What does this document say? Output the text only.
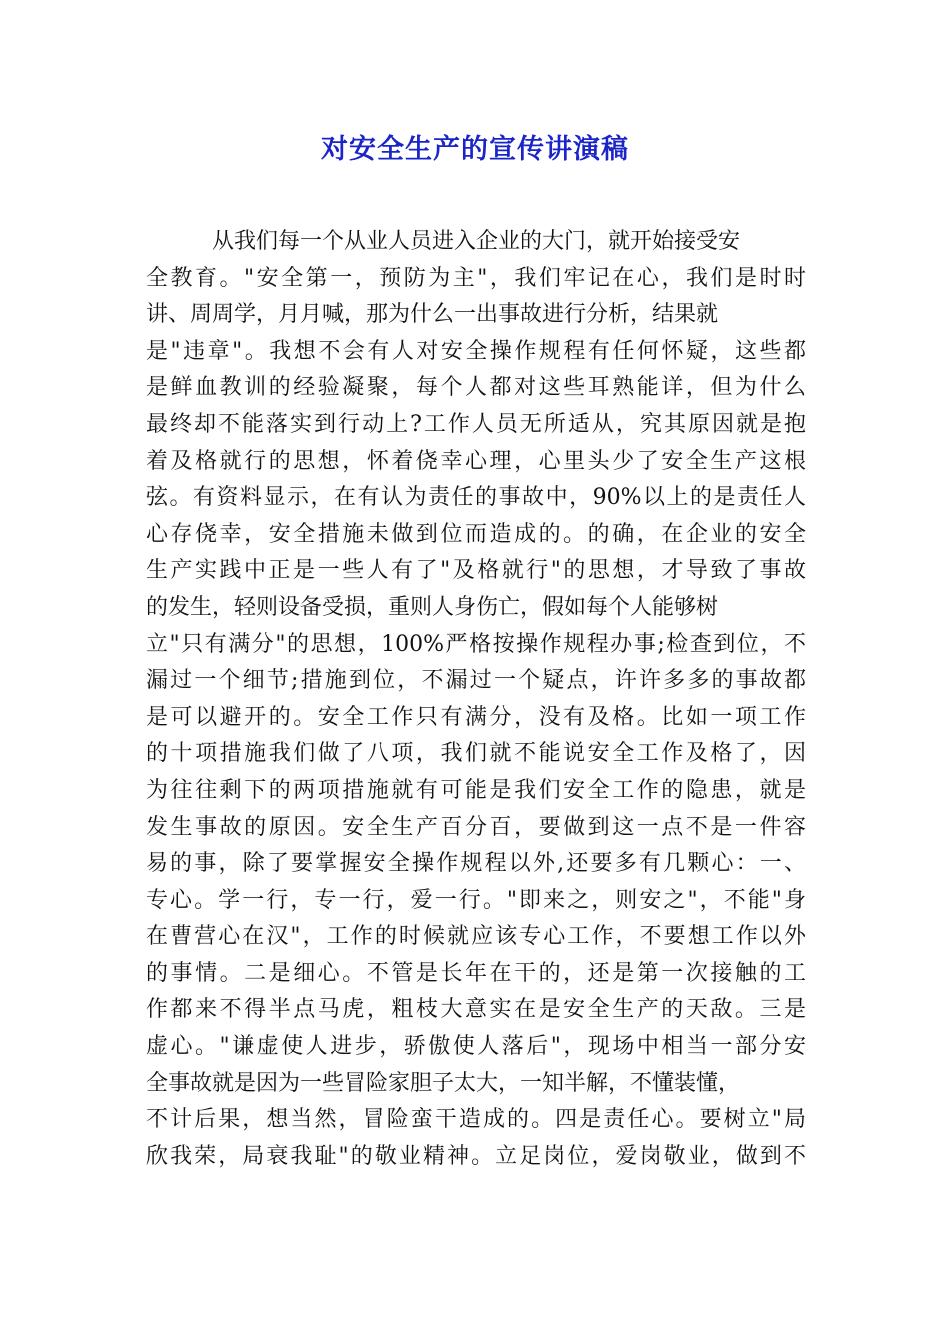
对安全生产的宣传讲演稿
从我们每一个从业人员进入企业的大门，就开始接受安
全教育。"安全第一，预防为主"，我们牢记在心，我们是时时
讲、周周学，月月喊，那为什么一出事故进行分析，结果就
是"违章"。我想不会有人对安全操作规程有任何怀疑，这些都
是鲜血教训的经验凝聚，每个人都对这些耳熟能详，但为什么
最终却不能落实到行动上?工作人员无所适从，究其原因就是抱
着及格就行的思想，怀着侥幸心理，心里头少了安全生产这根
弦。有资料显示，在有认为责任的事故中，90%以上的是责任人
心存侥幸，安全措施未做到位而造成的。的确，在企业的安全
生产实践中正是一些人有了"及格就行"的思想，才导致了事故
的发生，轻则设备受损，重则人身伤亡，假如每个人能够树
立"只有满分"的思想，100%严格按操作规程办事;检查到位，不
漏过一个细节;措施到位，不漏过一个疑点，许许多多的事故都
是可以避开的。安全工作只有满分，没有及格。比如一项工作
的十项措施我们做了八项，我们就不能说安全工作及格了，因
为往往剩下的两项措施就有可能是我们安全工作的隐患，就是
发生事故的原因。安全生产百分百，要做到这一点不是一件容
易的事，除了要掌握安全操作规程以外,还要多有几颗心：一、
专心。学一行，专一行，爱一行。"即来之，则安之"，不能"身
在曹营心在汉"，工作的时候就应该专心工作，不要想工作以外
的事情。二是细心。不管是长年在干的，还是第一次接触的工
作都来不得半点马虎，粗枝大意实在是安全生产的天敌。三是
虚心。"谦虚使人进步，骄傲使人落后"，现场中相当一部分安
全事故就是因为一些冒险家胆子太大，一知半解，不懂装懂，
不计后果，想当然，冒险蛮干造成的。四是责任心。要树立"局
欣我荣，局衰我耻"的敬业精神。立足岗位，爱岗敬业，做到不
